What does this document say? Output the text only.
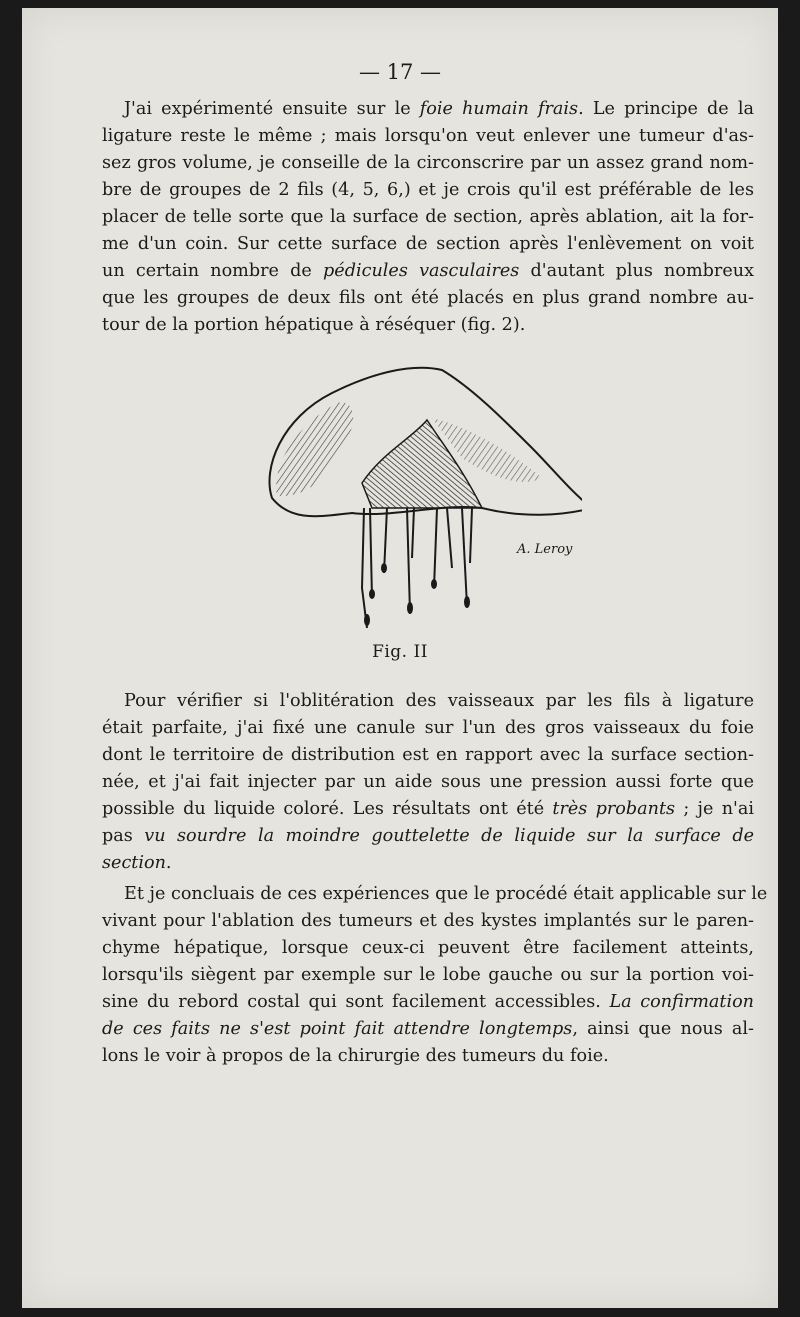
— 17 —
J'ai expérimenté ensuite sur le foie humain frais. Le principe de la
ligature reste le même ; mais lorsqu'on veut enlever une tumeur d'as-
sez gros volume, je conseille de la circonscrire par un assez grand nom-
bre de groupes de 2 fils (4, 5, 6,) et je crois qu'il est préférable de les
placer de telle sorte que la surface de section, après ablation, ait la for-
me d'un coin. Sur cette surface de section après l'enlèvement on voit
un certain nombre de pédicules vasculaires d'autant plus nombreux
que les groupes de deux fils ont été placés en plus grand nombre au-
tour de la portion hépatique à réséquer (fig. 2).
A. Leroy
Fig. II
Pour vérifier si l'oblitération des vaisseaux par les fils à ligature
était parfaite, j'ai fixé une canule sur l'un des gros vaisseaux du foie
dont le territoire de distribution est en rapport avec la surface section-
née, et j'ai fait injecter par un aide sous une pression aussi forte que
possible du liquide coloré. Les résultats ont été très probants ; je n'ai
pas vu sourdre la moindre gouttelette de liquide sur la surface de
section.
Et je concluais de ces expériences que le procédé était applicable sur le
vivant pour l'ablation des tumeurs et des kystes implantés sur le paren-
chyme hépatique, lorsque ceux-ci peuvent être facilement atteints,
lorsqu'ils siègent par exemple sur le lobe gauche ou sur la portion voi-
sine du rebord costal qui sont facilement accessibles. La confirmation
de ces faits ne s'est point fait attendre longtemps, ainsi que nous al-
lons le voir à propos de la chirurgie des tumeurs du foie.
